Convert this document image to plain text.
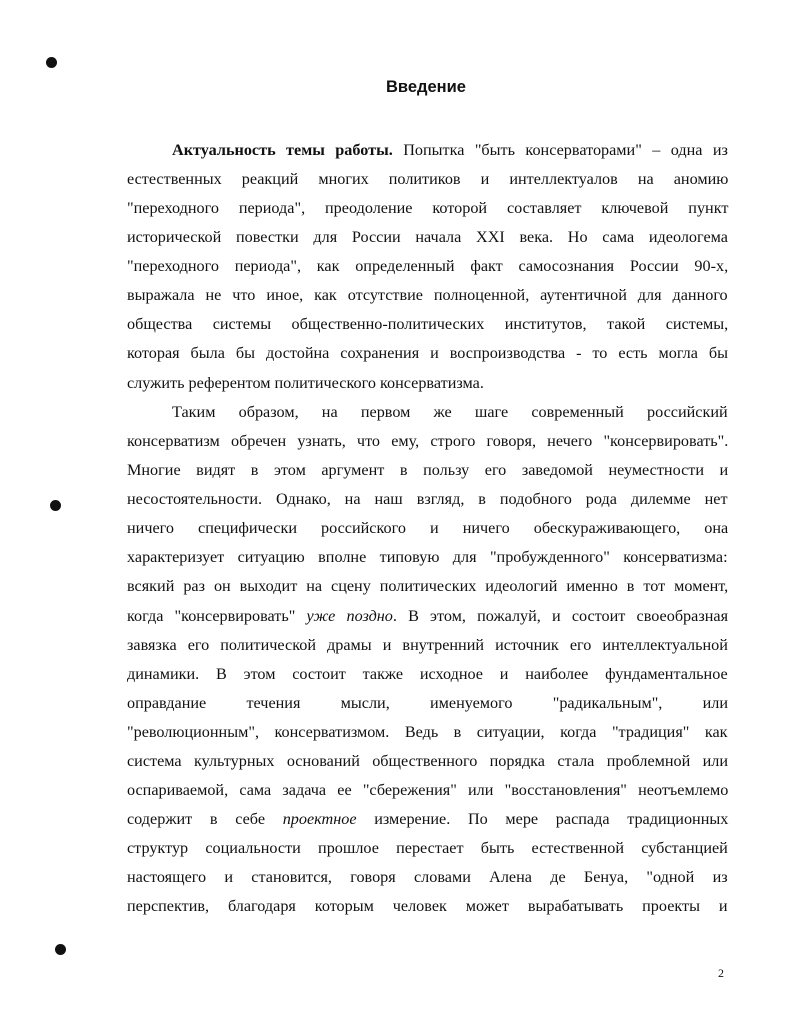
Введение
Актуальность темы работы. Попытка "быть консерваторами" – одна из
естественных реакций многих политиков и интеллектуалов на аномию
"переходного периода", преодоление которой составляет ключевой пункт
исторической повестки для России начала XXI века. Но сама идеологема
"переходного периода", как определенный факт самосознания России 90-х,
выражала не что иное, как отсутствие полноценной, аутентичной для данного
общества системы общественно-политических институтов, такой системы,
которая была бы достойна сохранения и воспроизводства - то есть могла бы
служить референтом политического консерватизма.
Таким образом, на первом же шаге современный российский
консерватизм обречен узнать, что ему, строго говоря, нечего "консервировать".
Многие видят в этом аргумент в пользу его заведомой неуместности и
несостоятельности. Однако, на наш взгляд, в подобного рода дилемме нет
ничего специфически российского и ничего обескураживающего, она
характеризует ситуацию вполне типовую для "пробужденного" консерватизма:
всякий раз он выходит на сцену политических идеологий именно в тот момент,
когда "консервировать" уже поздно. В этом, пожалуй, и состоит своеобразная
завязка его политической драмы и внутренний источник его интеллектуальной
динамики. В этом состоит также исходное и наиболее фундаментальное
оправдание течения мысли, именуемого "радикальным", или
"революционным", консерватизмом. Ведь в ситуации, когда "традиция" как
система культурных оснований общественного порядка стала проблемной или
оспариваемой, сама задача ее "сбережения" или "восстановления" неотъемлемо
содержит в себе проектное измерение. По мере распада традиционных
структур социальности прошлое перестает быть естественной субстанцией
настоящего и становится, говоря словами Алена де Бенуа, "одной из
перспектив, благодаря которым человек может вырабатывать проекты и
2
